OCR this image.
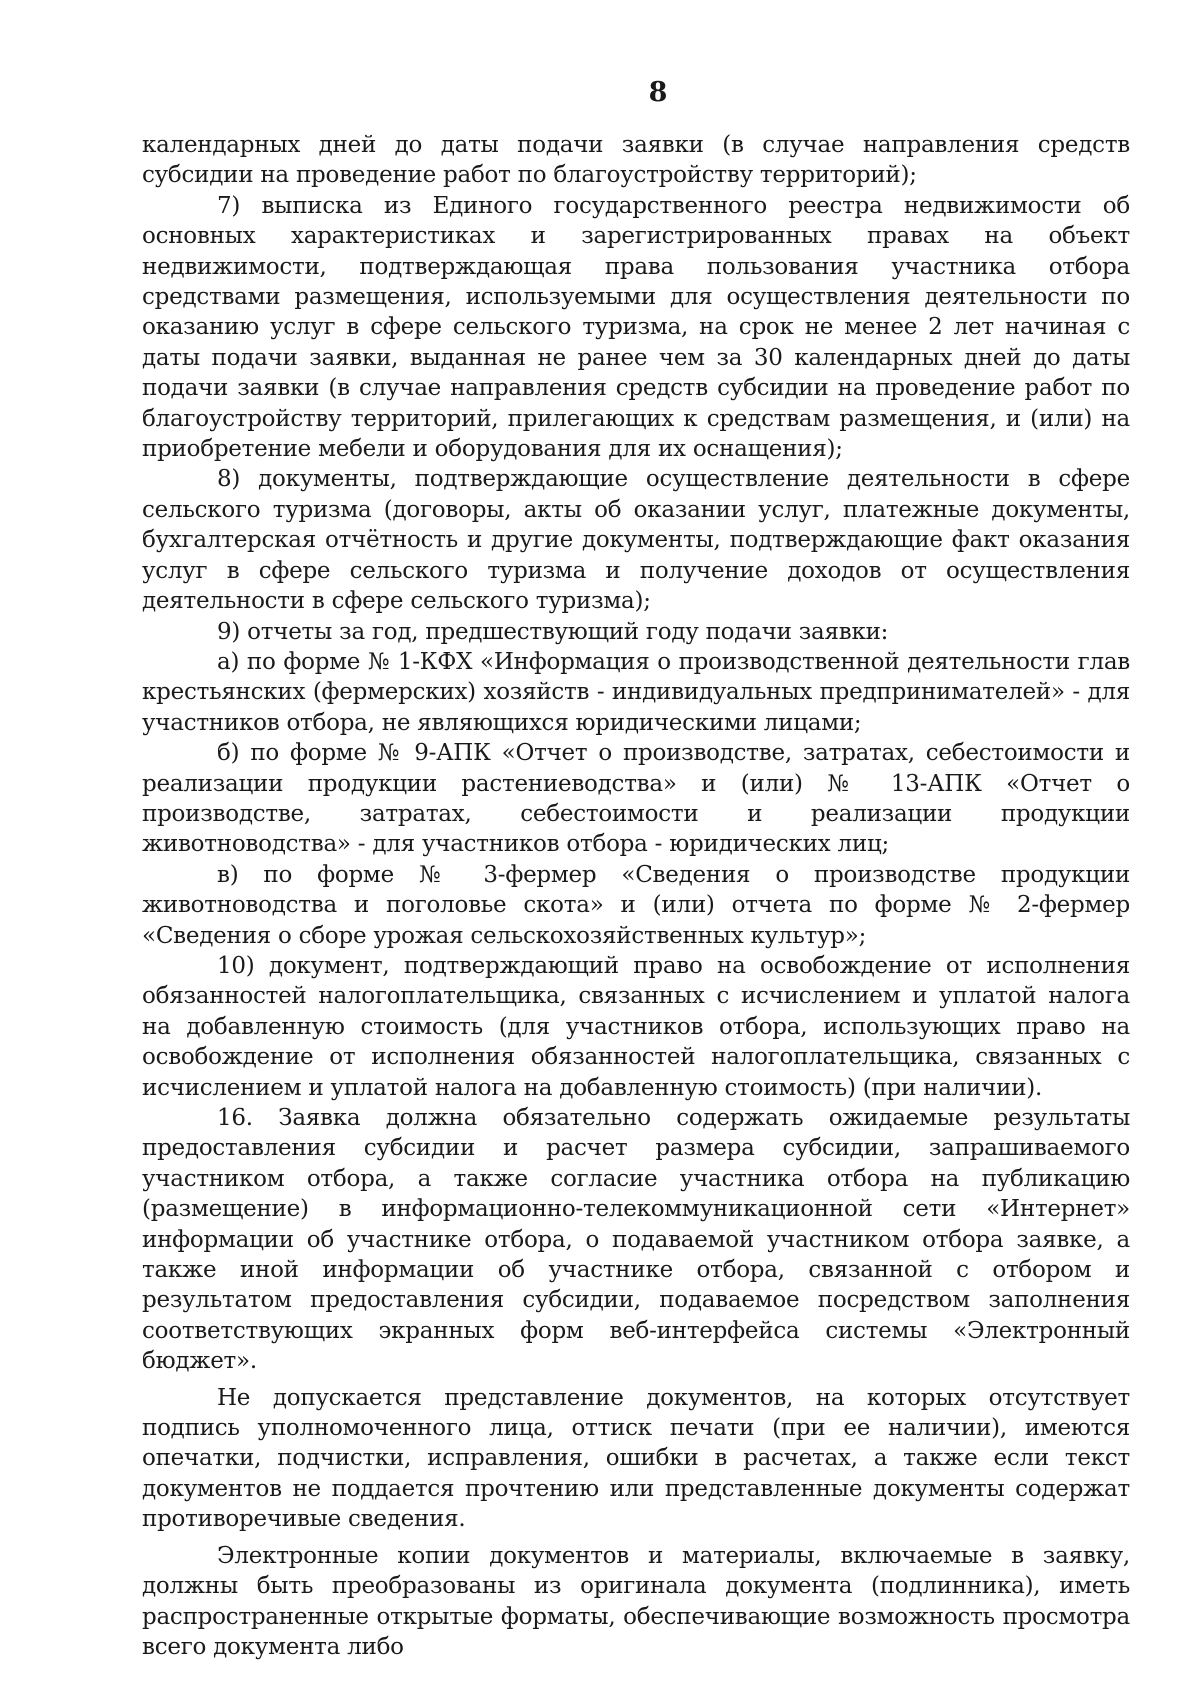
8

календарных дней до даты подачи заявки (в случае направления средств субсидии на проведение работ по благоустройству территорий);

7) выписка из Единого государственного реестра недвижимости об основных характеристиках и зарегистрированных правах на объект недвижимости, подтверждающая права пользования участника отбора средствами размещения, используемыми для осуществления деятельности по оказанию услуг в сфере сельского туризма, на срок не менее 2 лет начиная с даты подачи заявки, выданная не ранее чем за 30 календарных дней до даты подачи заявки (в случае направления средств субсидии на проведение работ по благоустройству территорий, прилегающих к средствам размещения, и (или) на приобретение мебели и оборудования для их оснащения);

8) документы, подтверждающие осуществление деятельности в сфере сельского туризма (договоры, акты об оказании услуг, платежные документы, бухгалтерская отчётность и другие документы, подтверждающие факт оказания услуг в сфере сельского туризма и получение доходов от осуществления деятельности в сфере сельского туризма);

9) отчеты за год, предшествующий году подачи заявки:

а) по форме № 1-КФХ «Информация о производственной деятельности глав крестьянских (фермерских) хозяйств - индивидуальных предпринимателей» - для участников отбора, не являющихся юридическими лицами;

б) по форме № 9-АПК «Отчет о производстве, затратах, себестоимости и реализации продукции растениеводства» и (или) № 13-АПК «Отчет о производстве, затратах, себестоимости и реализации продукции животноводства» - для участников отбора - юридических лиц;

в) по форме № 3-фермер «Сведения о производстве продукции животноводства и поголовье скота» и (или) отчета по форме № 2-фермер «Сведения о сборе урожая сельскохозяйственных культур»;

10) документ, подтверждающий право на освобождение от исполнения обязанностей налогоплательщика, связанных с исчислением и уплатой налога на добавленную стоимость (для участников отбора, использующих право на освобождение от исполнения обязанностей налогоплательщика, связанных с исчислением и уплатой налога на добавленную стоимость) (при наличии).

16. Заявка должна обязательно содержать ожидаемые результаты предоставления субсидии и расчет размера субсидии, запрашиваемого участником отбора, а также согласие участника отбора на публикацию (размещение) в информационно-телекоммуникационной сети «Интернет» информации об участнике отбора, о подаваемой участником отбора заявке, а также иной информации об участнике отбора, связанной с отбором и результатом предоставления субсидии, подаваемое посредством заполнения соответствующих экранных форм веб-интерфейса системы «Электронный бюджет».

Не допускается представление документов, на которых отсутствует подпись уполномоченного лица, оттиск печати (при ее наличии), имеются опечатки, подчистки, исправления, ошибки в расчетах, а также если текст документов не поддается прочтению или представленные документы содержат противоречивые сведения.

Электронные копии документов и материалы, включаемые в заявку, должны быть преобразованы из оригинала документа (подлинника), иметь распространенные открытые форматы, обеспечивающие возможность просмотра всего документа либо
